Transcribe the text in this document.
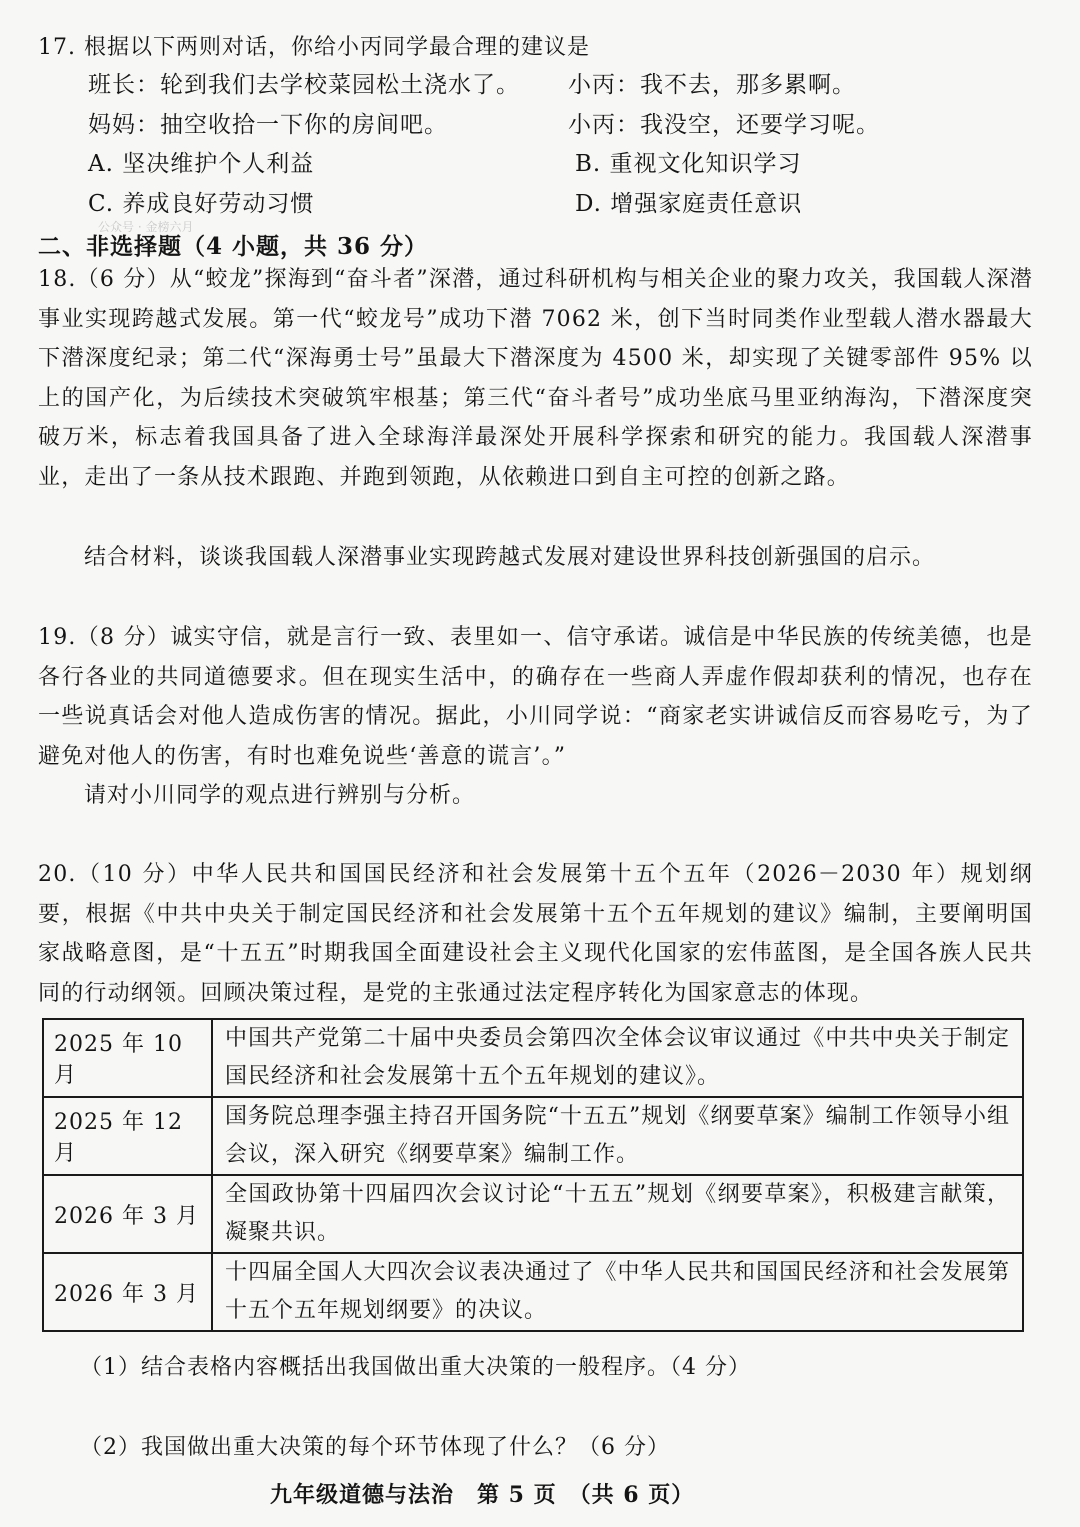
17. 根据以下两则对话，你给小丙同学最合理的建议是
班长：轮到我们去学校菜园松土浇水了。 小丙：我不去，那多累啊。
妈妈：抽空收拾一下你的房间吧。	小丙：我没空，还要学习呢。
A. 坚决维护个人利益	B. 重视文化知识学习
C. 养成良好劳动习惯	D. 增强家庭责任意识
公众号 · 金榜六月
二、非选择题（4 小题，共 36 分）
18.（6 分）从“蛟龙”探海到“奋斗者”深潜，通过科研机构与相关企业的聚力攻关，我国载人深潜事业实现跨越式发展。第一代“蛟龙号”成功下潜 7062 米，创下当时同类作业型载人潜水器最大下潜深度纪录；第二代“深海勇士号”虽最大下潜深度为 4500 米，却实现了关键零部件 95% 以上的国产化，为后续技术突破筑牢根基；第三代“奋斗者号”成功坐底马里亚纳海沟，下潜深度突破万米，标志着我国具备了进入全球海洋最深处开展科学探索和研究的能力。我国载人深潜事业，走出了一条从技术跟跑、并跑到领跑，从依赖进口到自主可控的创新之路。
结合材料，谈谈我国载人深潜事业实现跨越式发展对建设世界科技创新强国的启示。
19.（8 分）诚实守信，就是言行一致、表里如一、信守承诺。诚信是中华民族的传统美德，也是各行各业的共同道德要求。但在现实生活中，的确存在一些商人弄虚作假却获利的情况，也存在一些说真话会对他人造成伤害的情况。据此，小川同学说：“商家老实讲诚信反而容易吃亏，为了避免对他人的伤害，有时也难免说些‘善意的谎言’。”
请对小川同学的观点进行辨别与分析。
20.（10 分）中华人民共和国国民经济和社会发展第十五个五年（2026－2030 年）规划纲要，根据《中共中央关于制定国民经济和社会发展第十五个五年规划的建议》编制，主要阐明国家战略意图，是“十五五”时期我国全面建设社会主义现代化国家的宏伟蓝图，是全国各族人民共同的行动纲领。回顾决策过程，是党的主张通过法定程序转化为国家意志的体现。
2025 年 10 月	中国共产党第二十届中央委员会第四次全体会议审议通过《中共中央关于制定国民经济和社会发展第十五个五年规划的建议》。
2025 年 12 月	国务院总理李强主持召开国务院“十五五”规划《纲要草案》编制工作领导小组会议，深入研究《纲要草案》编制工作。
2026 年 3 月	全国政协第十四届四次会议讨论“十五五”规划《纲要草案》，积极建言献策，凝聚共识。
2026 年 3 月	十四届全国人大四次会议表决通过了《中华人民共和国国民经济和社会发展第十五个五年规划纲要》的决议。
（1）结合表格内容概括出我国做出重大决策的一般程序。（4 分）
（2）我国做出重大决策的每个环节体现了什么？（6 分）
九年级道德与法治　第 5 页　（共 6 页）
